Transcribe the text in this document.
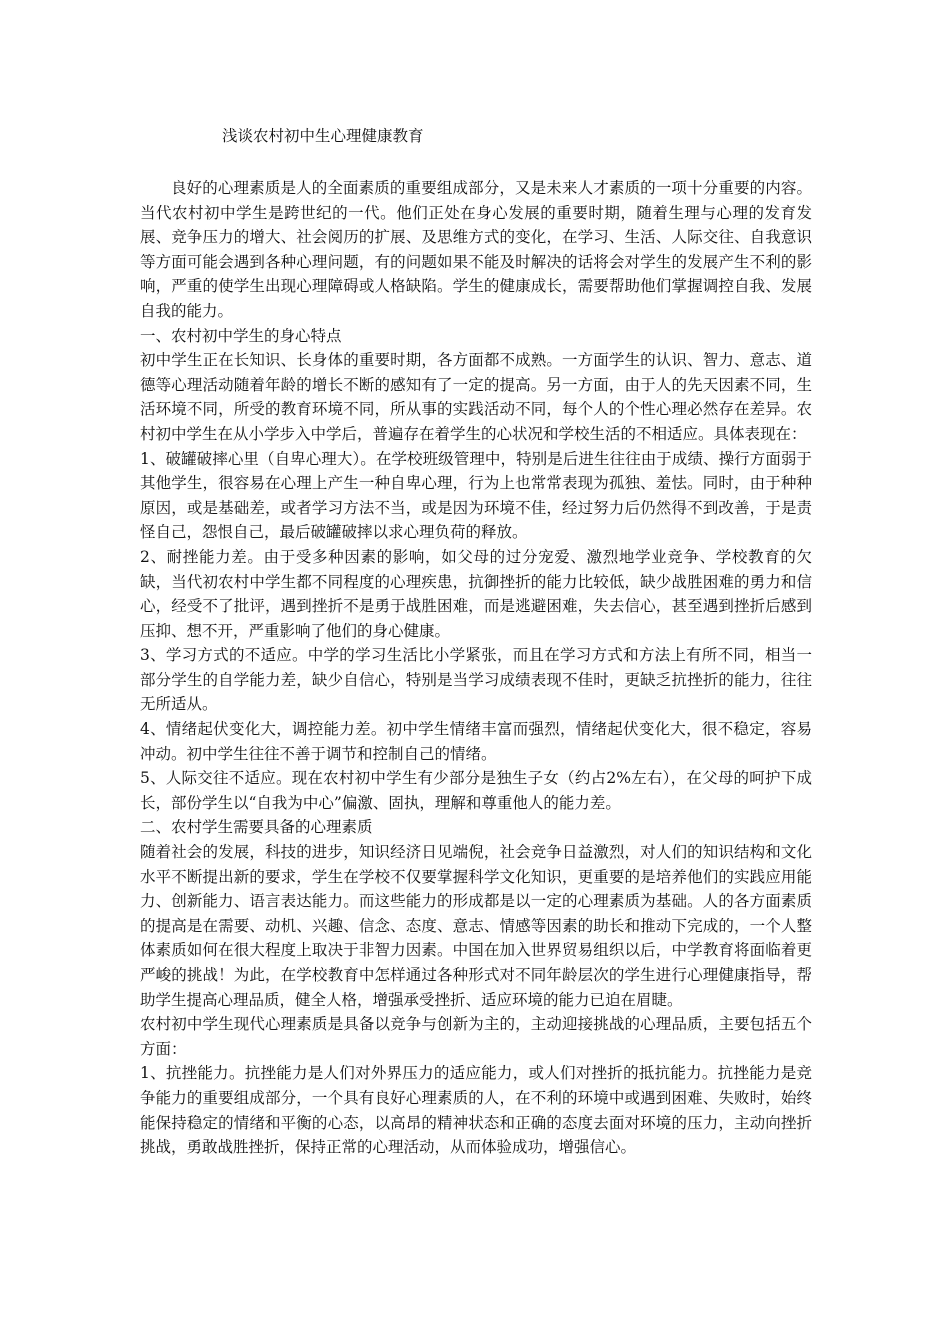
浅谈农村初中生心理健康教育

良好的心理素质是人的全面素质的重要组成部分，又是未来人才素质的一项十分重要的内容。当代农村初中学生是跨世纪的一代。他们正处在身心发展的重要时期，随着生理与心理的发育发展、竞争压力的增大、社会阅历的扩展、及思维方式的变化，在学习、生活、人际交往、自我意识等方面可能会遇到各种心理问题，有的问题如果不能及时解决的话将会对学生的发展产生不利的影响，严重的使学生出现心理障碍或人格缺陷。学生的健康成长，需要帮助他们掌握调控自我、发展自我的能力。

一、农村初中学生的身心特点

初中学生正在长知识、长身体的重要时期，各方面都不成熟。一方面学生的认识、智力、意志、道德等心理活动随着年龄的增长不断的感知有了一定的提高。另一方面，由于人的先天因素不同，生活环境不同，所受的教育环境不同，所从事的实践活动不同，每个人的个性心理必然存在差异。农村初中学生在从小学步入中学后，普遍存在着学生的心状况和学校生活的不相适应。具体表现在：

1、破罐破摔心里（自卑心理大）。在学校班级管理中，特别是后进生往往由于成绩、操行方面弱于其他学生，很容易在心理上产生一种自卑心理，行为上也常常表现为孤独、羞怯。同时，由于种种原因，或是基础差，或者学习方法不当，或是因为环境不佳，经过努力后仍然得不到改善，于是责怪自己，怨恨自己，最后破罐破摔以求心理负荷的释放。

2、耐挫能力差。由于受多种因素的影响，如父母的过分宠爱、激烈地学业竞争、学校教育的欠缺，当代初农村中学生都不同程度的心理疾患，抗御挫折的能力比较低，缺少战胜困难的勇力和信心，经受不了批评，遇到挫折不是勇于战胜困难，而是逃避困难，失去信心，甚至遇到挫折后感到压抑、想不开，严重影响了他们的身心健康。

3、学习方式的不适应。中学的学习生活比小学紧张，而且在学习方式和方法上有所不同，相当一部分学生的自学能力差，缺少自信心，特别是当学习成绩表现不佳时，更缺乏抗挫折的能力，往往无所适从。

4、情绪起伏变化大，调控能力差。初中学生情绪丰富而强烈，情绪起伏变化大，很不稳定，容易冲动。初中学生往往不善于调节和控制自己的情绪。

5、人际交往不适应。现在农村初中学生有少部分是独生子女（约占2%左右），在父母的呵护下成长，部份学生以“自我为中心”偏激、固执，理解和尊重他人的能力差。

二、农村学生需要具备的心理素质

随着社会的发展，科技的进步，知识经济日见端倪，社会竞争日益激烈，对人们的知识结构和文化水平不断提出新的要求，学生在学校不仅要掌握科学文化知识，更重要的是培养他们的实践应用能力、创新能力、语言表达能力。而这些能力的形成都是以一定的心理素质为基础。人的各方面素质的提高是在需要、动机、兴趣、信念、态度、意志、情感等因素的助长和推动下完成的，一个人整体素质如何在很大程度上取决于非智力因素。中国在加入世界贸易组织以后，中学教育将面临着更严峻的挑战！为此，在学校教育中怎样通过各种形式对不同年龄层次的学生进行心理健康指导，帮助学生提高心理品质，健全人格，增强承受挫折、适应环境的能力已迫在眉睫。

农村初中学生现代心理素质是具备以竞争与创新为主的，主动迎接挑战的心理品质，主要包括五个方面：

1、抗挫能力。抗挫能力是人们对外界压力的适应能力，或人们对挫折的抵抗能力。抗挫能力是竞争能力的重要组成部分，一个具有良好心理素质的人，在不利的环境中或遇到困难、失败时，始终能保持稳定的情绪和平衡的心态，以高昂的精神状态和正确的态度去面对环境的压力，主动向挫折挑战，勇敢战胜挫折，保持正常的心理活动，从而体验成功，增强信心。
